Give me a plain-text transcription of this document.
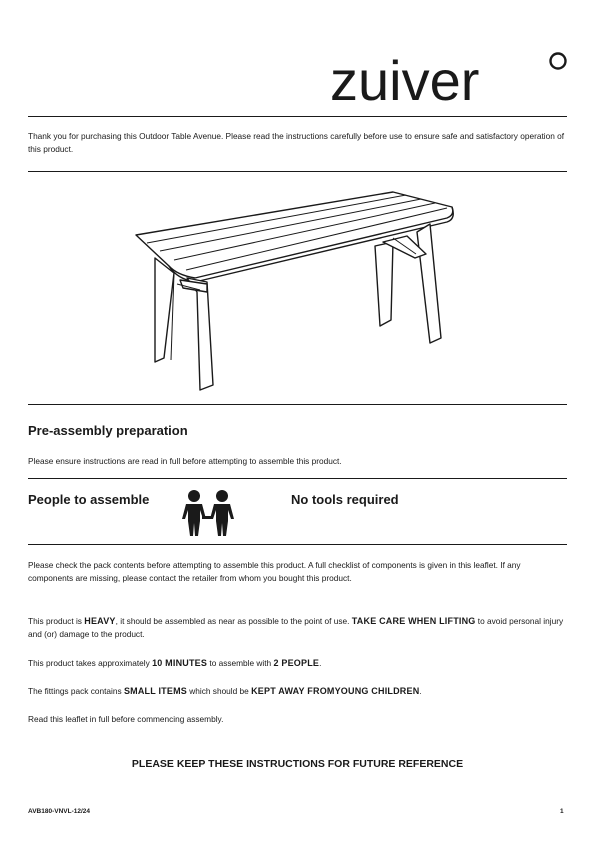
zuiver
Thank you for purchasing this Outdoor Table Avenue. Please read the instructions carefully before use to ensure safe and satisfactory operation of this product.
Pre-assembly preparation
Please ensure instructions are read in full before attempting to assemble this product.
People to assemble	No tools required
Please check the pack contents before attempting to assemble this product. A full checklist of components is given in this leaflet. If any components are missing, please contact the retailer from whom you bought this product.
This product is HEAVY, it should be assembled as near as possible to the point of use. TAKE CARE WHEN LIFTING to avoid personal injury and (or) damage to the product.
This product takes approximately 10 MINUTES to assemble with 2 PEOPLE.
The fittings pack contains SMALL ITEMS which should be KEPT AWAY FROMYOUNG CHILDREN.
Read this leaflet in full before commencing assembly.
PLEASE KEEP THESE INSTRUCTIONS FOR FUTURE REFERENCE
AVB180-VNVL-12/24	1
